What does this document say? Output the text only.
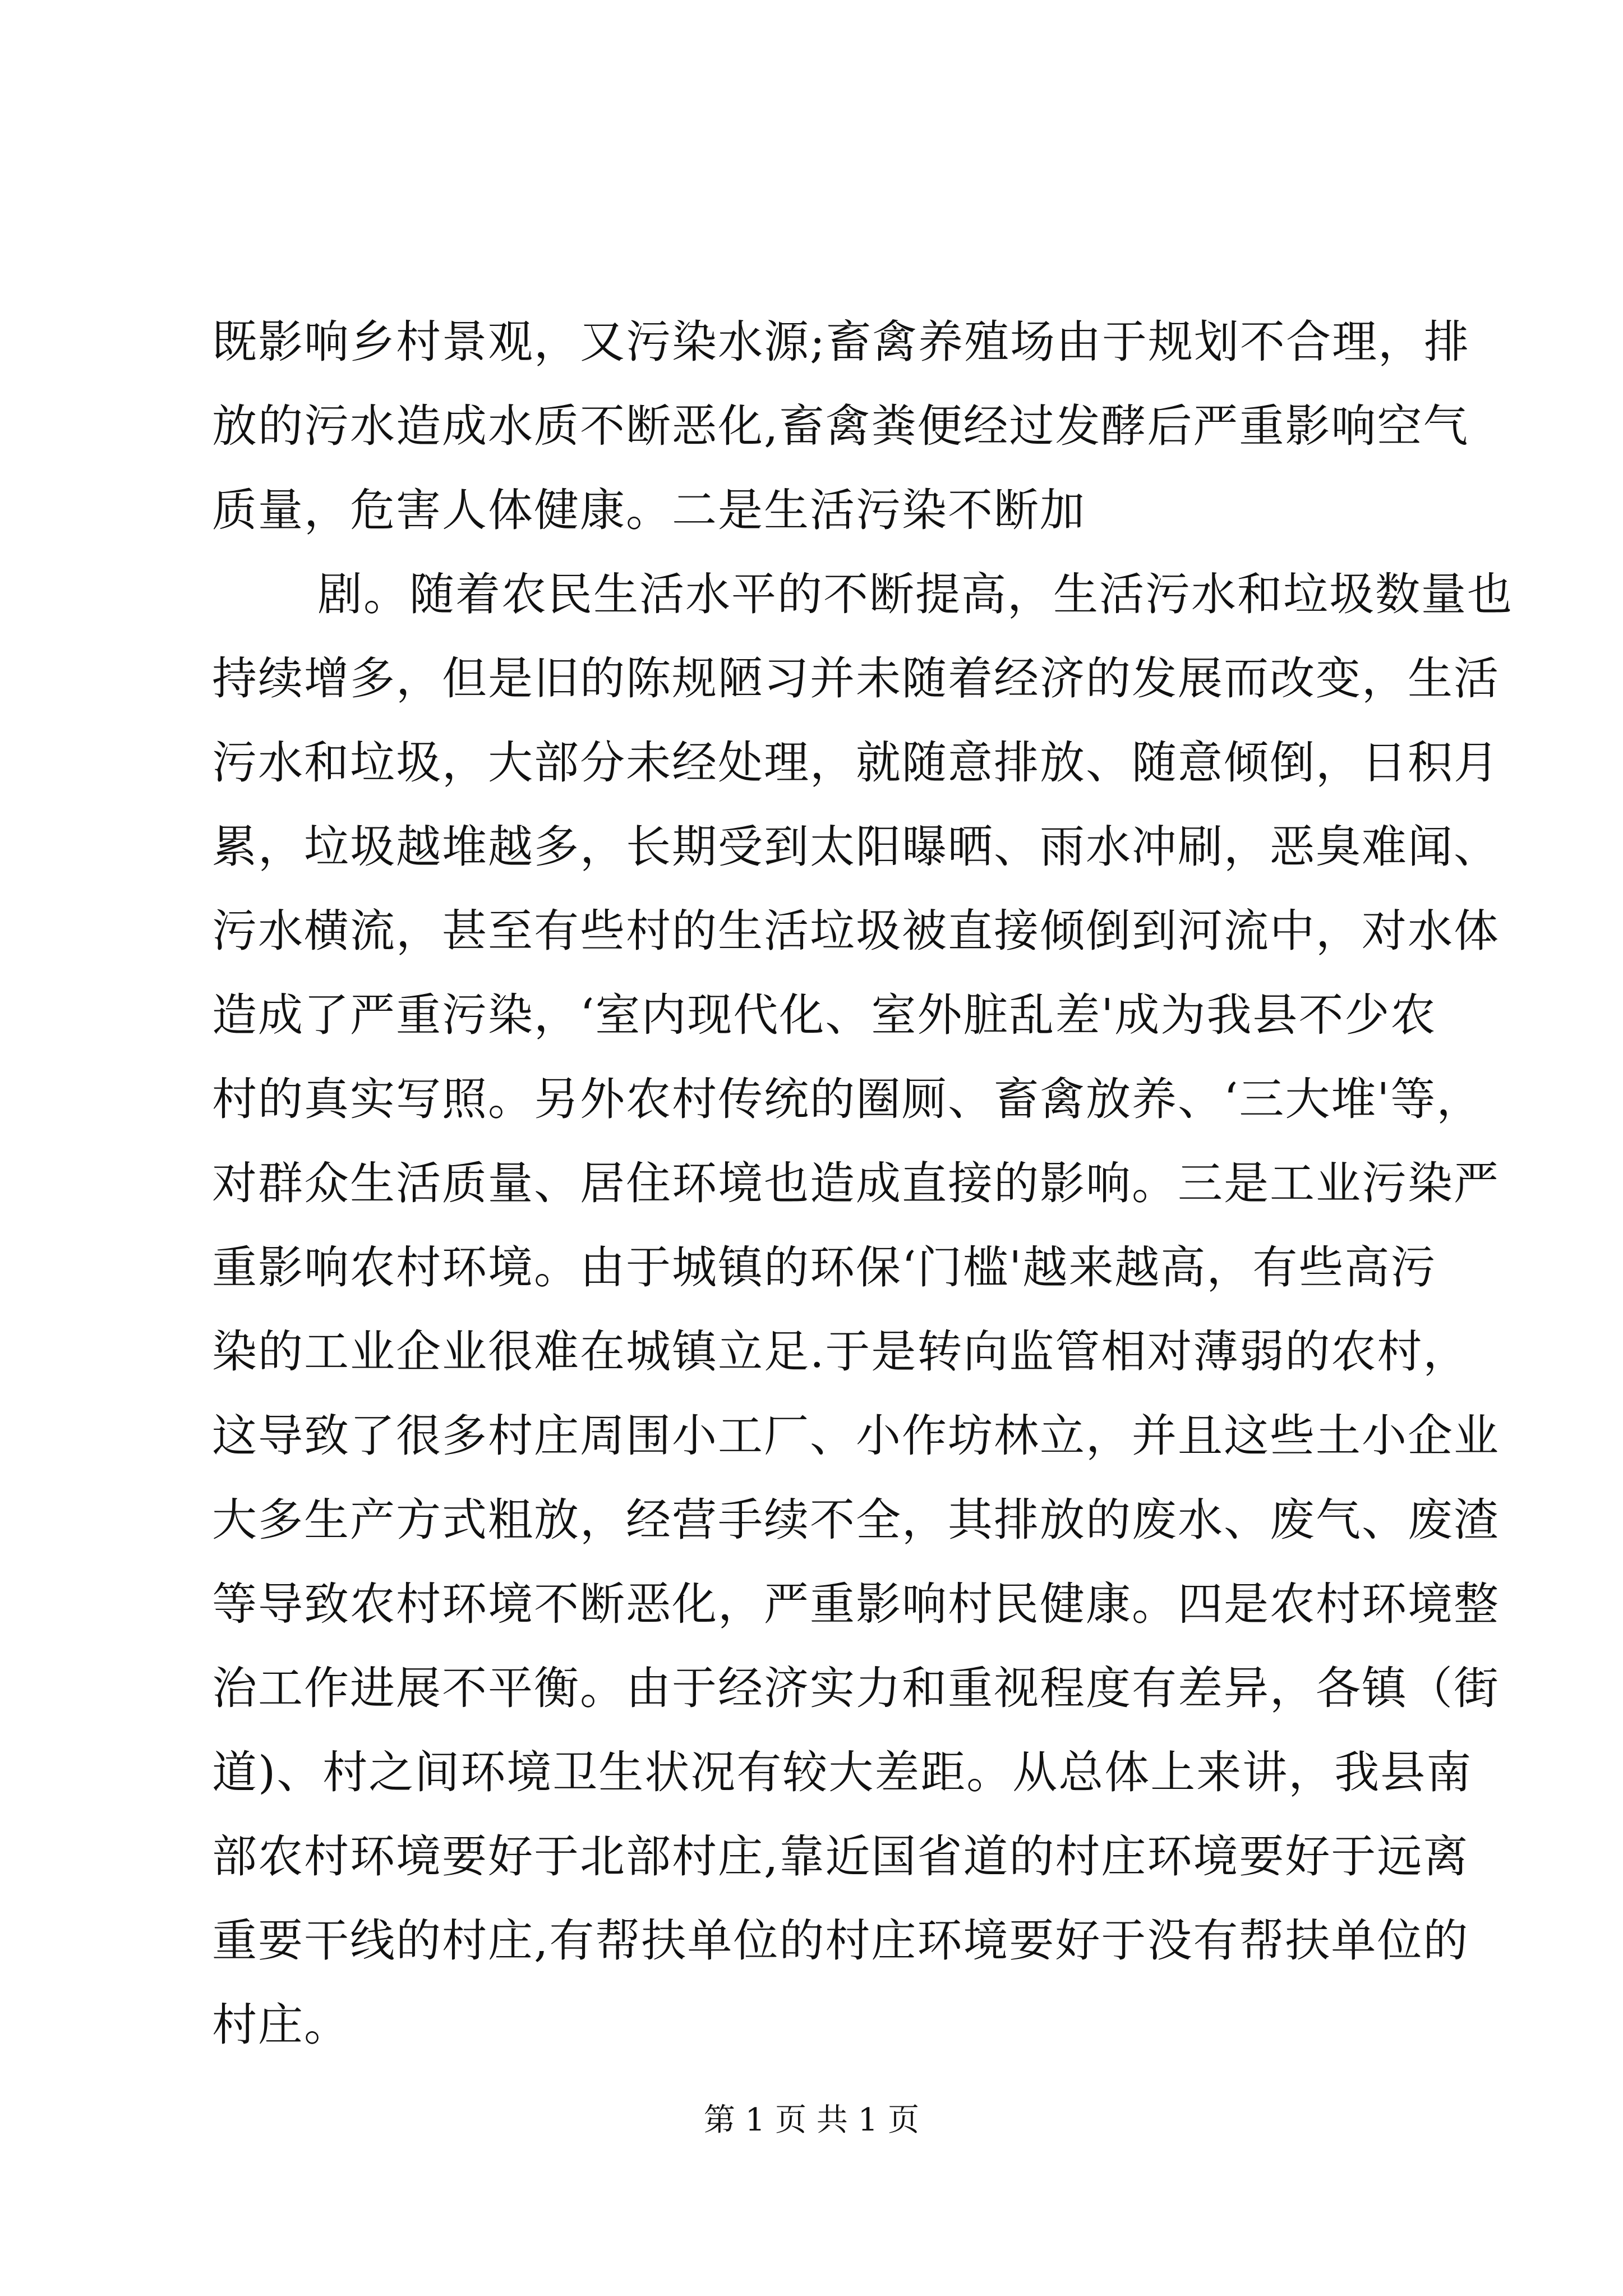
既影响乡村景观，又污染水源;畜禽养殖场由于规划不合理，排
放的污水造成水质不断恶化,畜禽粪便经过发酵后严重影响空气
质量，危害人体健康。二是生活污染不断加
剧。随着农民生活水平的不断提高，生活污水和垃圾数量也
持续增多，但是旧的陈规陋习并未随着经济的发展而改变，生活
污水和垃圾，大部分未经处理，就随意排放、随意倾倒，日积月
累，垃圾越堆越多，长期受到太阳曝晒、雨水冲刷，恶臭难闻、
污水横流，甚至有些村的生活垃圾被直接倾倒到河流中，对水体
造成了严重污染，‘室内现代化、室外脏乱差'成为我县不少农
村的真实写照。另外农村传统的圈厕、畜禽放养、‘三大堆'等，
对群众生活质量、居住环境也造成直接的影响。三是工业污染严
重影响农村环境。由于城镇的环保‘门槛'越来越高，有些高污
染的工业企业很难在城镇立足.于是转向监管相对薄弱的农村，
这导致了很多村庄周围小工厂、小作坊林立，并且这些土小企业
大多生产方式粗放，经营手续不全，其排放的废水、废气、废渣
等导致农村环境不断恶化，严重影响村民健康。四是农村环境整
治工作进展不平衡。由于经济实力和重视程度有差异，各镇（街
道)、村之间环境卫生状况有较大差距。从总体上来讲，我县南
部农村环境要好于北部村庄,靠近国省道的村庄环境要好于远离
重要干线的村庄,有帮扶单位的村庄环境要好于没有帮扶单位的
村庄。
第 1 页 共 1 页
